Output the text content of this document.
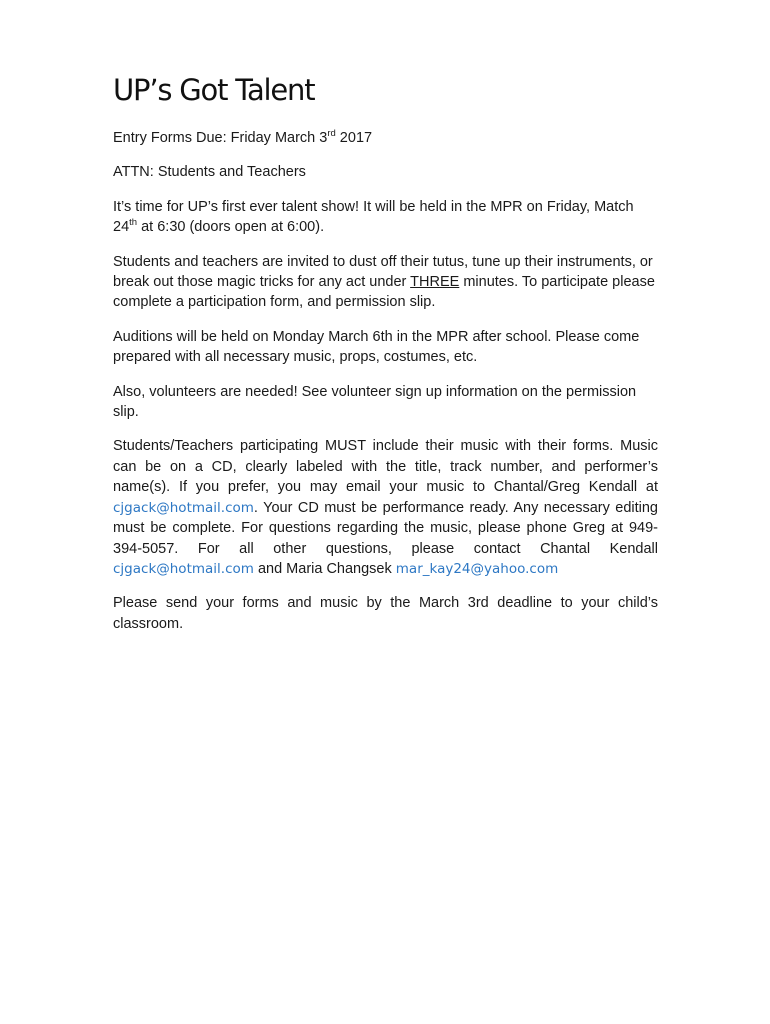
UP’s Got Talent

Entry Forms Due: Friday March 3rd 2017

ATTN: Students and Teachers

It’s time for UP’s first ever talent show! It will be held in the MPR on Friday, Match 24th at 6:30 (doors open at 6:00).

Students and teachers are invited to dust off their tutus, tune up their instruments, or break out those magic tricks for any act under THREE minutes. To participate please complete a participation form, and permission slip.

Auditions will be held on Monday March 6th in the MPR after school. Please come prepared with all necessary music, props, costumes, etc.

Also, volunteers are needed! See volunteer sign up information on the permission slip.

Students/Teachers participating MUST include their music with their forms. Music can be on a CD, clearly labeled with the title, track number, and performer’s name(s). If you prefer, you may email your music to Chantal/Greg Kendall at cjgack@hotmail.com. Your CD must be performance ready. Any necessary editing must be complete. For questions regarding the music, please phone Greg at 949-394-5057. For all other questions, please contact Chantal Kendall cjgack@hotmail.com and Maria Changsek mar_kay24@yahoo.com

Please send your forms and music by the March 3rd deadline to your child’s classroom.
